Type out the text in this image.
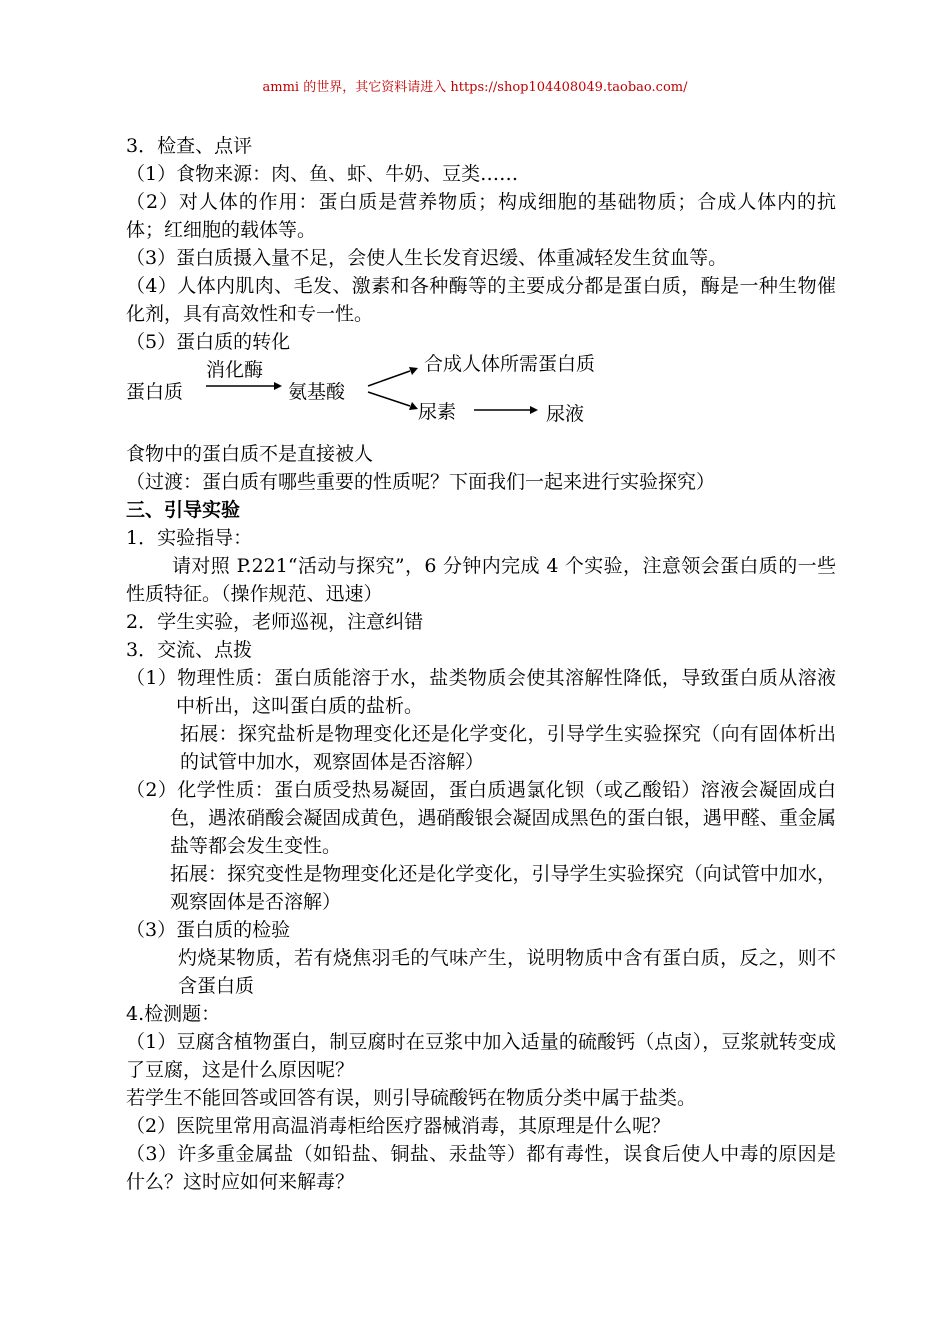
ammi 的世界，其它资料请进入 https://shop104408049.taobao.com/

3．检查、点评

（1）食物来源：肉、鱼、虾、牛奶、豆类……

（2）对人体的作用：蛋白质是营养物质；构成细胞的基础物质；合成人体内的抗体；红细胞的载体等。

（3）蛋白质摄入量不足，会使人生长发育迟缓、体重减轻发生贫血等。

（4）人体内肌肉、毛发、激素和各种酶等的主要成分都是蛋白质，酶是一种生物催化剂，具有高效性和专一性。

（5）蛋白质的转化

蛋白质
消化酶
氨基酸
合成人体所需蛋白质
尿素	尿液

食物中的蛋白质不是直接被人

（过渡：蛋白质有哪些重要的性质呢？下面我们一起来进行实验探究）

三、引导实验

1．实验指导：

请对照 P.221“活动与探究”，6 分钟内完成 4 个实验，注意领会蛋白质的一些性质特征。（操作规范、迅速）

2．学生实验，老师巡视，注意纠错

3．交流、点拨

（1）物理性质：蛋白质能溶于水，盐类物质会使其溶解性降低，导致蛋白质从溶液中析出，这叫蛋白质的盐析。

拓展：探究盐析是物理变化还是化学变化，引导学生实验探究（向有固体析出的试管中加水，观察固体是否溶解）

（2）化学性质：蛋白质受热易凝固，蛋白质遇氯化钡（或乙酸铅）溶液会凝固成白色，遇浓硝酸会凝固成黄色，遇硝酸银会凝固成黑色的蛋白银，遇甲醛、重金属盐等都会发生变性。

拓展：探究变性是物理变化还是化学变化，引导学生实验探究（向试管中加水，观察固体是否溶解）

（3）蛋白质的检验

灼烧某物质，若有烧焦羽毛的气味产生，说明物质中含有蛋白质，反之，则不含蛋白质

4.检测题：

（1）豆腐含植物蛋白，制豆腐时在豆浆中加入适量的硫酸钙（点卤），豆浆就转变成了豆腐，这是什么原因呢？

若学生不能回答或回答有误，则引导硫酸钙在物质分类中属于盐类。

（2）医院里常用高温消毒柜给医疗器械消毒，其原理是什么呢？

（3）许多重金属盐（如铅盐、铜盐、汞盐等）都有毒性，误食后使人中毒的原因是什么？这时应如何来解毒？
